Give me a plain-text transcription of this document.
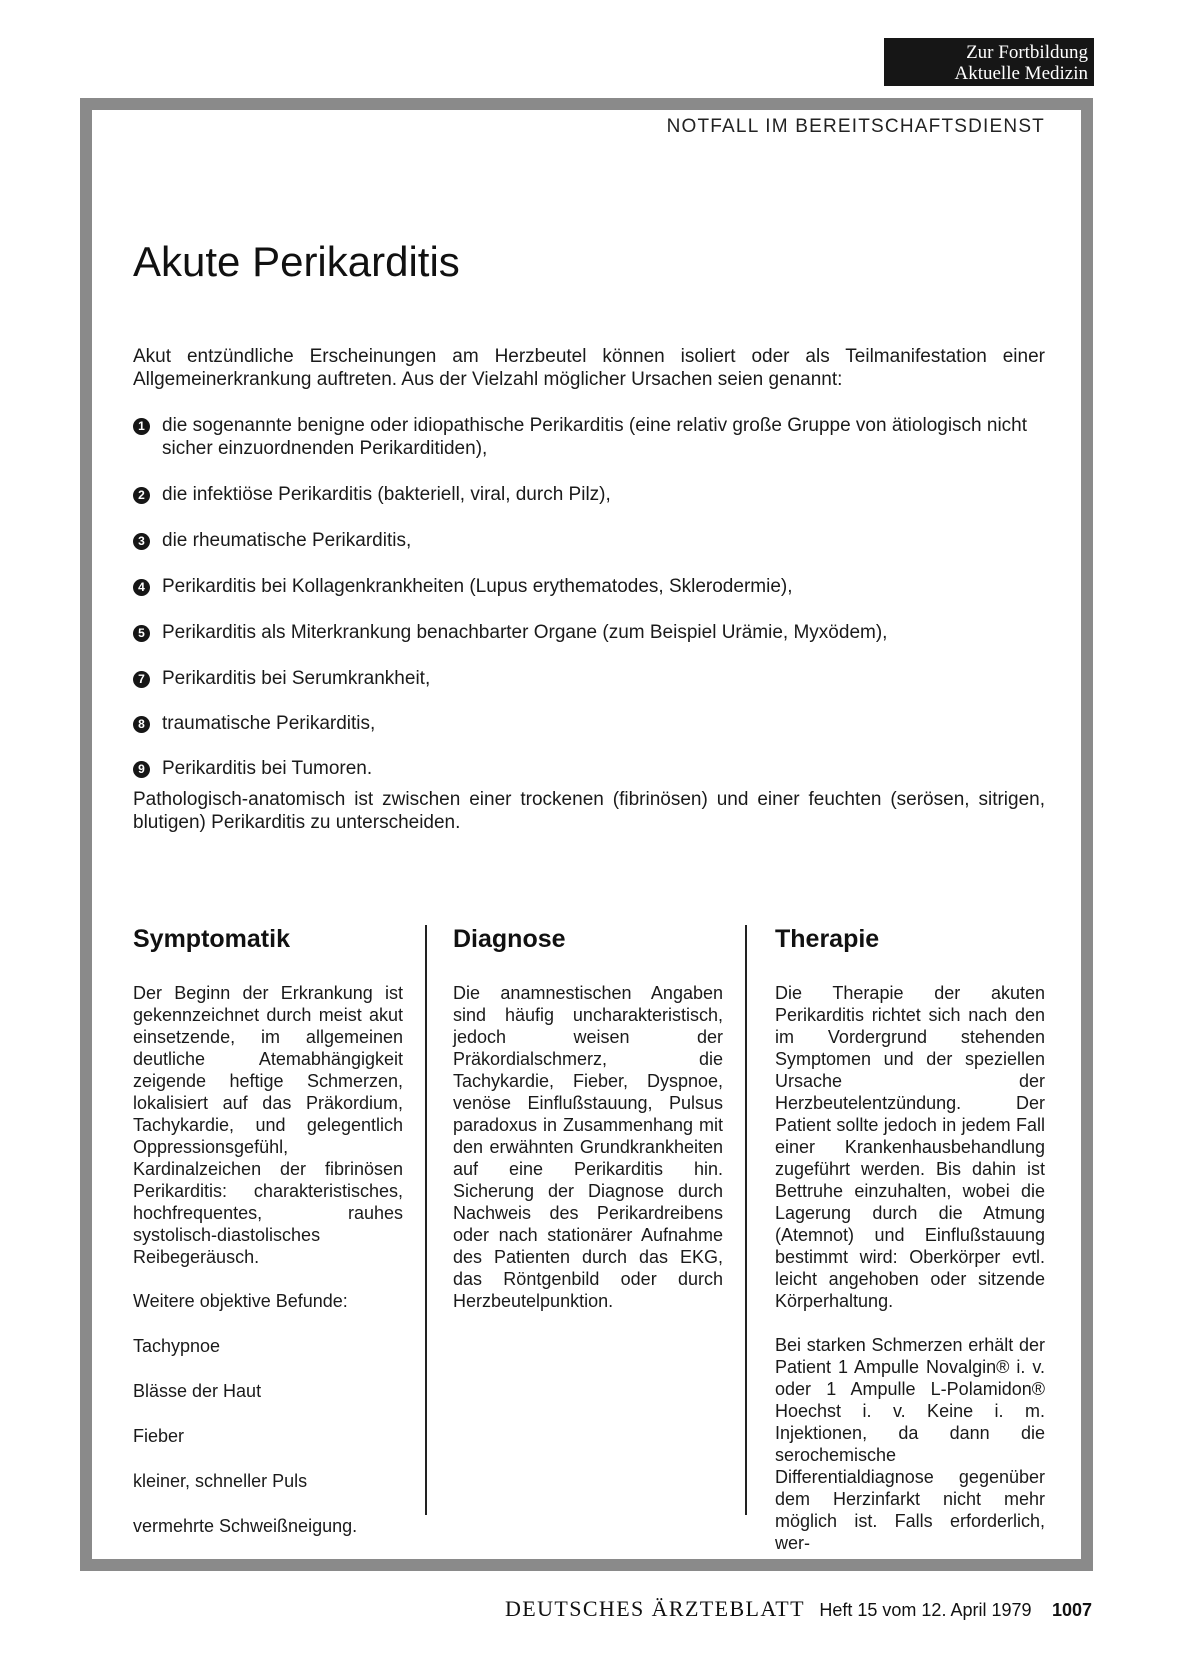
Zur Fortbildung
Aktuelle Medizin
NOTFALL IM BEREITSCHAFTSDIENST
Akute Perikarditis

Akut entzündliche Erscheinungen am Herzbeutel können isoliert oder als Teilmanifestation einer Allgemeinerkrankung auftreten. Aus der Vielzahl möglicher Ursachen seien genannt:

1 die sogenannte benigne oder idiopathische Perikarditis (eine relativ große Gruppe von ätiologisch nicht sicher einzuordnenden Perikarditiden),
2 die infektiöse Perikarditis (bakteriell, viral, durch Pilz),
3 die rheumatische Perikarditis,
4 Perikarditis bei Kollagenkrankheiten (Lupus erythematodes, Sklerodermie),
5 Perikarditis als Miterkrankung benachbarter Organe (zum Beispiel Urämie, Myxödem),
7 Perikarditis bei Serumkrankheit,
8 traumatische Perikarditis,
9 Perikarditis bei Tumoren.

Pathologisch-anatomisch ist zwischen einer trockenen (fibrinösen) und einer feuchten (serösen, sitrigen, blutigen) Perikarditis zu unterscheiden.

Symptomatik

Der Beginn der Erkrankung ist gekennzeichnet durch meist akut einsetzende, im allgemeinen deutliche Atemabhängigkeit zeigende heftige Schmerzen, lokalisiert auf das Präkordium, Tachykardie, und gelegentlich Oppressionsgefühl, Kardinalzeichen der fibrinösen Perikarditis: charakteristisches, hochfrequentes, rauhes systolisch-diastolisches Reibegeräusch.

Weitere objektive Befunde:

Tachypnoe

Blässe der Haut

Fieber

kleiner, schneller Puls

vermehrte Schweißneigung.

Diagnose

Die anamnestischen Angaben sind häufig uncharakteristisch, jedoch weisen der Präkordialschmerz, die Tachykardie, Fieber, Dyspnoe, venöse Einflußstauung, Pulsus paradoxus in Zusammenhang mit den erwähnten Grundkrankheiten auf eine Perikarditis hin. Sicherung der Diagnose durch Nachweis des Perikardreibens oder nach stationärer Aufnahme des Patienten durch das EKG, das Röntgenbild oder durch Herzbeutelpunktion.

Therapie

Die Therapie der akuten Perikarditis richtet sich nach den im Vordergrund stehenden Symptomen und der speziellen Ursache der Herzbeutelentzündung. Der Patient sollte jedoch in jedem Fall einer Krankenhausbehandlung zugeführt werden. Bis dahin ist Bettruhe einzuhalten, wobei die Lagerung durch die Atmung (Atemnot) und Einflußstauung bestimmt wird: Oberkörper evtl. leicht angehoben oder sitzende Körperhaltung.

Bei starken Schmerzen erhält der Patient 1 Ampulle Novalgin® i. v. oder 1 Ampulle L-Polamidon® Hoechst i. v. Keine i. m. Injektionen, da dann die serochemische Differentialdiagnose gegenüber dem Herzinfarkt nicht mehr möglich ist. Falls erforderlich, wer-

DEUTSCHES ÄRZTEBLATT Heft 15 vom 12. April 1979 1007
